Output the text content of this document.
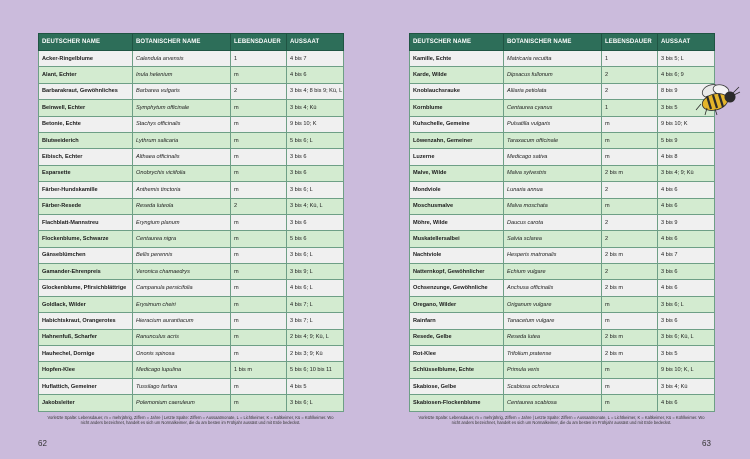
DEUTSCHER NAME	BOTANISCHER NAME	LEBENSDAUER	AUSSAAT
Acker-Ringelblume	Calendula arvensis	1	4 bis 7
Alant, Echter	Inula helenium	m	4 bis 6
Barbarakraut, Gewöhnliches	Barbarea vulgaris	2	3 bis 4; 8 bis 9; Kü, L
Beinwell, Echter	Symphytum officinale	m	3 bis 4; Kü
Betonie, Echte	Stachys officinalis	m	9 bis 10; K
Blutweiderich	Lythrum salicaria	m	5 bis 6; L
Eibisch, Echter	Althaea officinalis	m	3 bis 6
Esparsette	Onobrychis viciifolia	m	3 bis 6
Färber-Hundskamille	Anthemis tinctoria	m	3 bis 6; L
Färber-Resede	Reseda luteola	2	3 bis 4; Kü, L
Flachblatt-Mannstreu	Eryngium planum	m	3 bis 6
Flockenblume, Schwarze	Centaurea nigra	m	5 bis 6
Gänseblümchen	Bellis perennis	m	3 bis 6; L
Gamander-Ehrenpreis	Veronica chamaedrys	m	3 bis 9; L
Glockenblume, Pfirsichblättrige	Campanula persicifolia	m	4 bis 6; L
Goldlack, Wilder	Erysimum cheiri	m	4 bis 7; L
Habichtskraut, Orangerotes	Hieracium aurantiacum	m	3 bis 7; L
Hahnenfuß, Scharfer	Ranunculus acris	m	2 bis 4; 9; Kü, L
Hauhechel, Dornige	Ononis spinosa	m	2 bis 3; 9; Kü
Hopfen-Klee	Medicago lupulina	1 bis m	5 bis 6; 10 bis 11
Huflattich, Gemeiner	Tussilago farfara	m	4 bis 5
Jakobsleiter	Polemonium caeruleum	m	3 bis 6; L
Vorletzte Spalte: Lebensdauer, m = mehrjährig, Ziffern = Jahre | Letzte Spalte: Ziffern = Aussaatmonate, L = Lichtkeimer, K = Kaltkeimer, Kü = Kühlkeimer. Wo nicht anders bezeichnet, handelt es sich um Normalkeimer, die du am besten im Frühjahr aussäst und mit Erde bedeckst.
DEUTSCHER NAME	BOTANISCHER NAME	LEBENSDAUER	AUSSAAT
Kamille, Echte	Matricaria recutita	1	3 bis 5; L
Karde, Wilde	Dipsacus fullonum	2	4 bis 6; 9
Knoblauchsrauke	Alliaria petiolata	2	8 bis 9
Kornblume	Centaurea cyanus	1	3 bis 5
Kuhschelle, Gemeine	Pulsatilla vulgaris	m	9 bis 10; K
Löwenzahn, Gemeiner	Taraxacum officinale	m	5 bis 9
Luzerne	Medicago sativa	m	4 bis 8
Malve, Wilde	Malva sylvestris	2 bis m	3 bis 4; 9; Kü
Mondviole	Lunaria annua	2	4 bis 6
Moschusmalve	Malva moschata	m	4 bis 6
Möhre, Wilde	Daucus carota	2	3 bis 9
Muskatellersalbei	Salvia sclarea	2	4 bis 6
Nachtviole	Hesperis matronalis	2 bis m	4 bis 7
Natternkopf, Gewöhnlicher	Echium vulgare	2	3 bis 6
Ochsenzunge, Gewöhnliche	Anchusa officinalis	2 bis m	4 bis 6
Oregano, Wilder	Origanum vulgare	m	3 bis 6; L
Rainfarn	Tanacetum vulgare	m	3 bis 6
Resede, Gelbe	Reseda lutea	2 bis m	3 bis 6; Kü, L
Rot-Klee	Trifolium pratense	2 bis m	3 bis 5
Schlüsselblume, Echte	Primula veris	m	9 bis 10; K, L
Skabiose, Gelbe	Scabiosa ochroleuca	m	3 bis 4; Kü
Skabiosen-Flockenblume	Centaurea scabiosa	m	4 bis 6
Vorletzte Spalte: Lebensdauer, m = mehrjährig, Ziffern = Jahre | Letzte Spalte: Ziffern = Aussaatmonate, L = Lichtkeimer, K = Kaltkeimer, Kü = Kühlkeimer. Wo nicht anders bezeichnet, handelt es sich um Normalkeimer, die du am besten im Frühjahr aussäst und mit Erde bedeckst.
62	63
